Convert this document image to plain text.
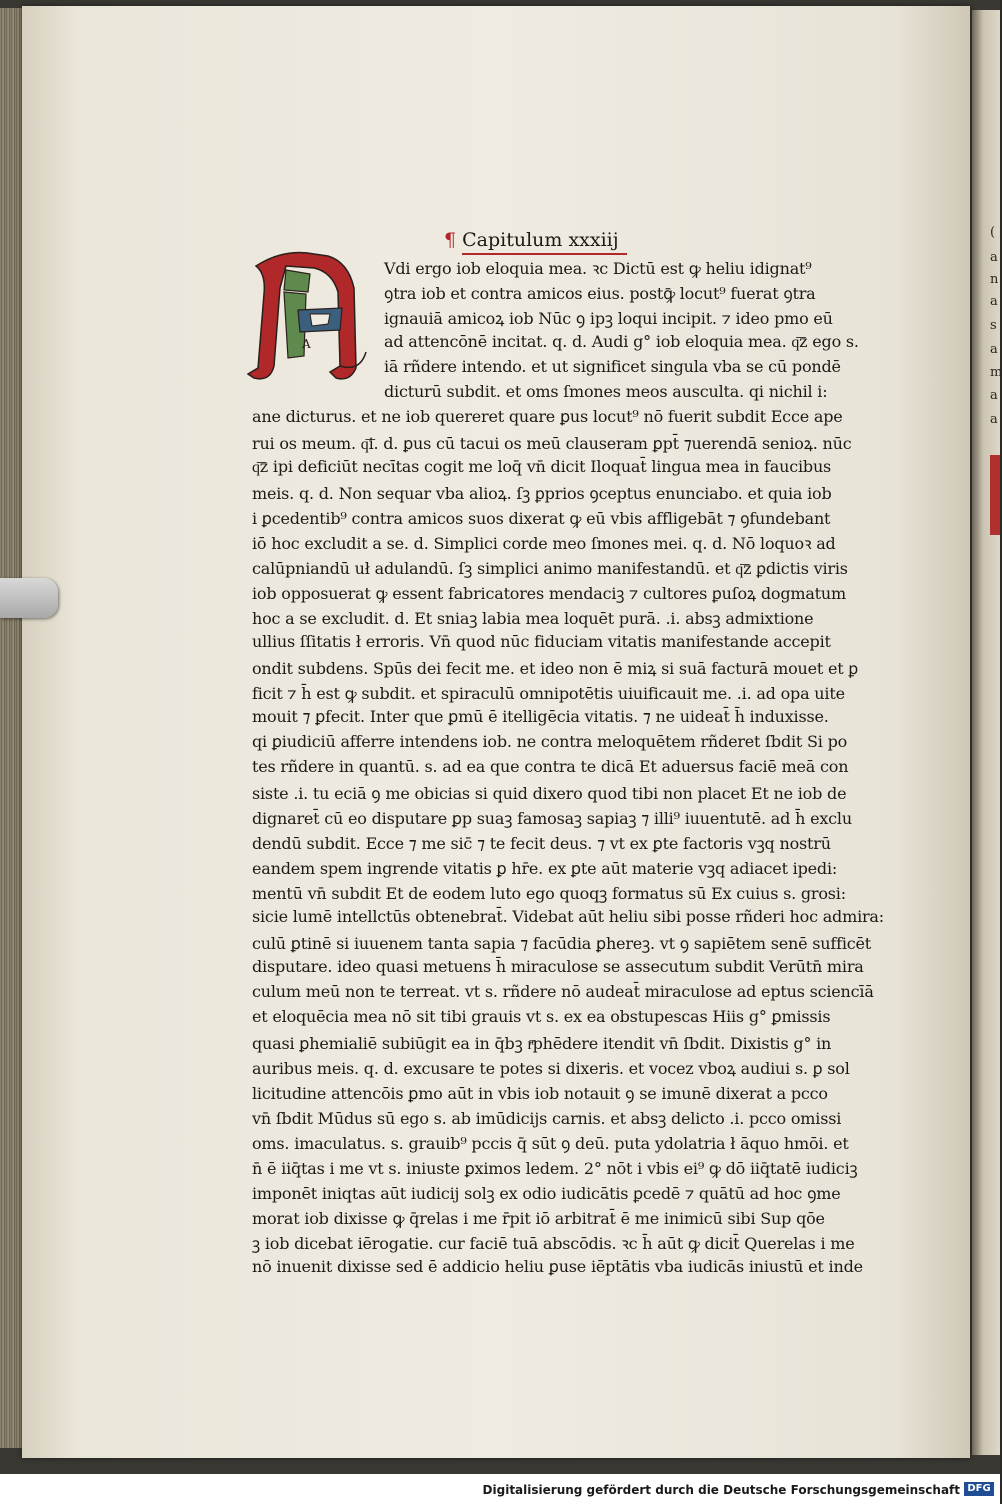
(
a
n
a
s
a
m
a
a
¶ Capitulum xxxiij
A
Vdi ergo iob eloquia mea. ꝛc Dictū est ꝙ heliu idignat⁹
ꝯtra iob et contra amicos eius. postꝙ̄ locut⁹ fuerat ꝯtra
ignauiā amicoꝝ iob Nūc ꝯ ipꝫ loqui incipit. ⁊ ideo pmo eū
ad attencōnē incitat. q. d. Audi g° iob eloquia mea. q͞z ego s.
iā rñdere intendo. et ut significet singula vba se cū pondē
dicturū subdit. et oms ſmones meos ausculta. qi nichil i:
ane dicturus. et ne iob quereret quare ꝑus locut⁹ nō fuerit subdit Ecce ape
rui os meum. q͞i. d. ꝑus cū tacui os meū clauseram ꝑpt̄ ⁊uerendā senioꝝ. nūc
q͞z ipi deficiūt necītas cogit me loq̄ vn̄ dicit Iloquat̄ lingua mea in faucibus
meis. q. d. Non sequar vba alioꝝ. ſꝫ ꝑprios ꝯceptus enunciabo. et quia iob
i ꝑcedentib⁹ contra amicos suos dixerat ꝙ eū vbis affligebāt ⁊ ꝯfundebant
iō hoc excludit a se. d. Simplici corde meo ſmones mei. q. d. Nō loquoꝛ ad
calūpniandū uł adulandū. ſꝫ simplici animo manifestandū. et q͞z ꝑdictis viris
iob opposuerat ꝙ essent fabricatores mendaciꝫ ⁊ cultores ꝑuſoꝝ dogmatum
hoc a se excludit. d. Et sniaꝫ labia mea loquēt purā. .i. absꝫ admixtione
ullius ſſitatis ł erroris. Vn̄ quod nūc fiduciam vitatis manifestande accepit
ondit subdens. Spūs dei fecit me. et ideo non ē miꝝ si suā facturā mouet et ꝑ
ficit ⁊ h̄ est ꝙ subdit. et spiraculū omnipotētis uiuificauit me. .i. ad opa uite
mouit ⁊ ꝑfecit. Inter que ꝑmū ē itelligēcia vitatis. ⁊ ne uideat̄ h̄ induxisse.
qi ꝑiudiciū afferre intendens iob. ne contra meloquētem rñderet ſbdit Si po
tes rñdere in quantū. s. ad ea que contra te dicā Et aduersus faciē meā con
siste .i. tu eciā ꝯ me obicias si quid dixero quod tibi non placet Et ne iob de
dignaret̄ cū eo disputare ꝑp suaꝫ famosaꝫ sapiaꝫ ⁊ illi⁹ iuuentutē. ad h̄ exclu
dendū subdit. Ecce ⁊ me sic̄ ⁊ te fecit deus. ⁊ vt ex ꝑte factoris vꝫq nostrū
eandem spem ingrende vitatis ꝑ hr̄e. ex ꝑte aūt materie vꝫq adiacet ipedi:
mentū vn̄ subdit Et de eodem luto ego quoqꝫ formatus sū Ex cuius s. grosi:
sicie lumē intellctūs obtenebrat̄. Videbat aūt heliu sibi posse rñderi hoc admira:
culū ꝑtinē si iuuenem tanta sapia ⁊ facūdia ꝑhereꝫ. vt ꝯ sapiētem senē sufficēt
disputare. ideo quasi metuens h̄ miraculose se assecutum subdit Verūtn̄ mira
culum meū non te terreat. vt s. rñdere nō audeat̄ miraculose ad eptus sciencīā
et eloquēcia mea nō sit tibi grauis vt s. ex ea obstupescas Hiis g° ꝑmissis
quasi ꝑhemialiē subiūgit ea in q̄bꝫ rͫphēdere itendit vn̄ ſbdit. Dixistis g° in
auribus meis. q. d. excusare te potes si dixeris. et vocez vboꝝ audiui s. ꝑ sol
licitudine attencōis ꝑmo aūt in vbis iob notauit ꝯ se imunē dixerat a pcco
vn̄ ſbdit Mūdus sū ego s. ab imūdicijs carnis. et absꝫ delicto .i. pcco omissi
oms. imaculatus. s. grauib⁹ pccis q̄ sūt ꝯ deū. puta ydolatria ł āquo hmōi. et
n̄ ē iiq̄tas i me vt s. iniuste ꝑximos ledem. 2° nōt i vbis ei⁹ ꝙ dō iiq̄tatē iudiciꝫ
imponēt iniqtas aūt iudicij solꝫ ex odio iudicātis ꝑcedē ⁊ quātū ad hoc ꝯme
morat iob dixisse ꝙ q̄relas i me r̄pit iō arbitrat̄ ē me inimicū sibi Sup qōe
ꝫ iob dicebat iērogatie. cur faciē tuā abscōdis. ꝛc h̄ aūt ꝙ dicit̄ Querelas i me
nō inuenit dixisse sed ē addicio heliu ꝑuse iēptātis vba iudicās iniustū et inde
Digitalisierung gefördert durch die Deutsche Forschungsgemeinschaft DFG
